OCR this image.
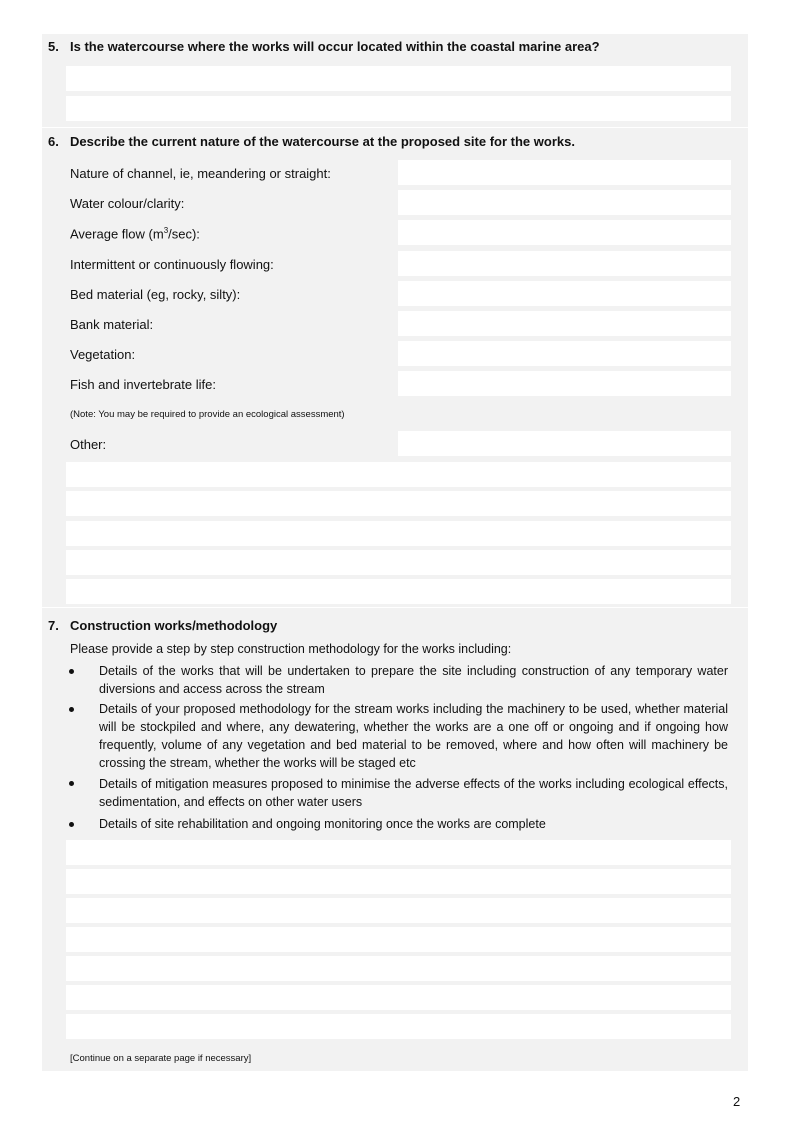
5. Is the watercourse where the works will occur located within the coastal marine area?
6. Describe the current nature of the watercourse at the proposed site for the works.
Nature of channel, ie, meandering or straight:
Water colour/clarity:
Average flow $(m^3/\sec)$:
Intermittent or continuously flowing:
Bed material (eg, rocky, silty):
Bank material:
Vegetation:
Fish and invertebrate life:
(Note: You may be required to provide an ecological assessment)
Other:
7. Construction works/methodology
Please provide a step by step construction methodology for the works including:
Details of the works that will be undertaken to prepare the site including construction of any temporary water diversions and access across the stream
Details of your proposed methodology for the stream works including the machinery to be used, whether material will be stockpiled and where, any dewatering, whether the works are a one off or ongoing and if ongoing how frequently, volume of any vegetation and bed material to be removed, where and how often will machinery be crossing the stream, whether the works will be staged etc
Details of mitigation measures proposed to minimise the adverse effects of the works including ecological effects, sedimentation, and effects on other water users
Details of site rehabilitation and ongoing monitoring once the works are complete
[Continue on a separate page if necessary]
2
